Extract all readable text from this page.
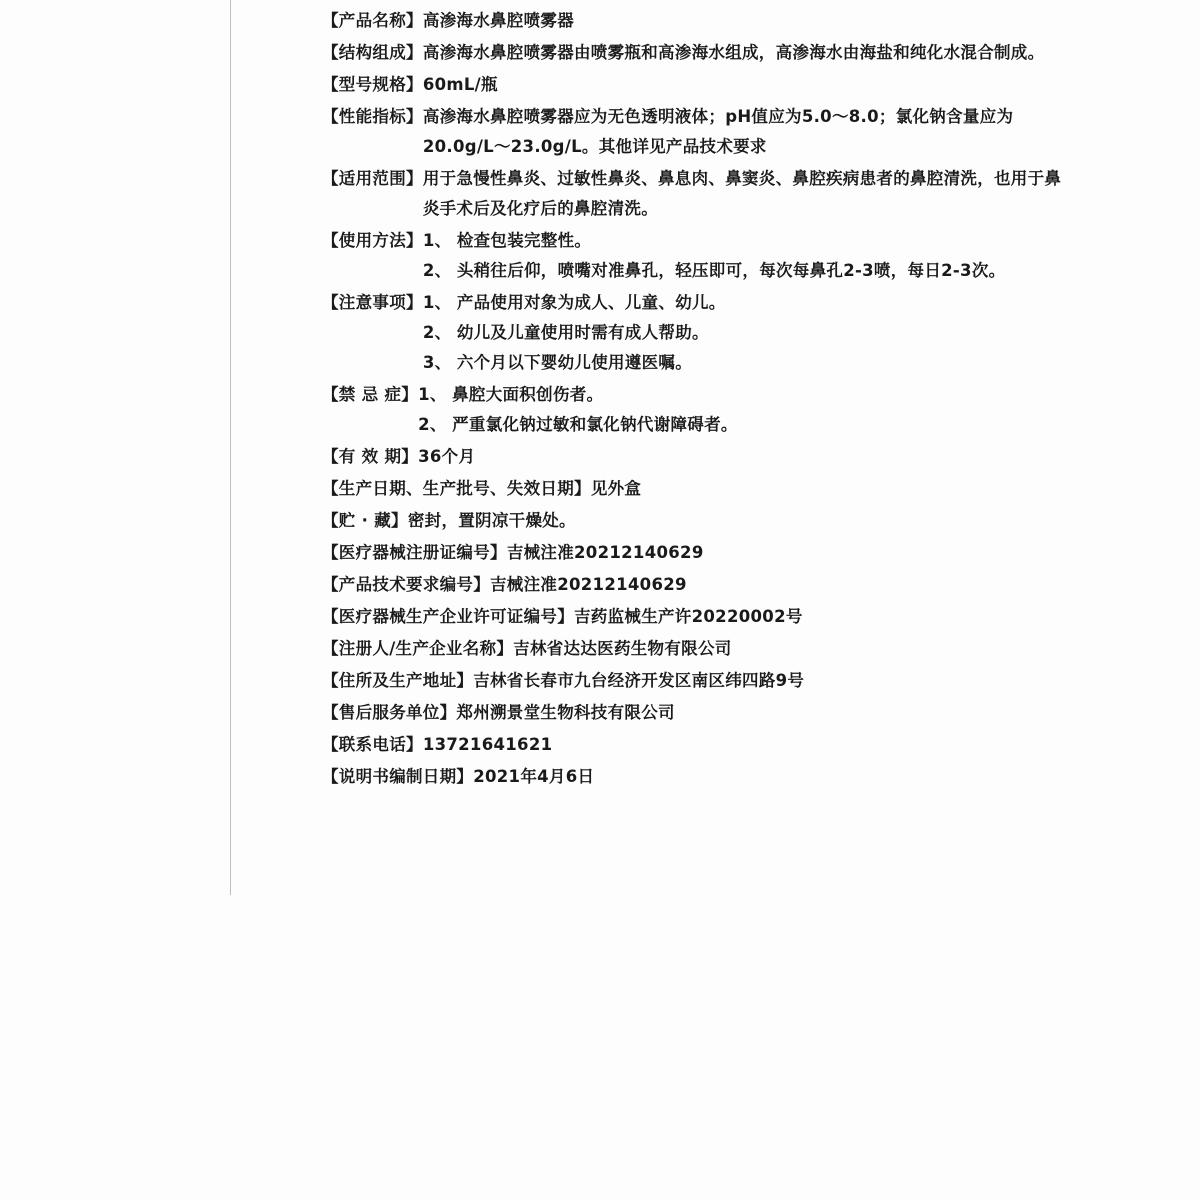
【产品名称】 高渗海水鼻腔喷雾器
【结构组成】 高渗海水鼻腔喷雾器由喷雾瓶和高渗海水组成，高渗海水由海盐和纯化水混合制成。
【型号规格】 60mL/瓶
【性能指标】 高渗海水鼻腔喷雾器应为无色透明液体；pH值应为5.0～8.0；氯化钠含量应为20.0g/L～23.0g/L。其他详见产品技术要求
【适用范围】 用于急慢性鼻炎、过敏性鼻炎、鼻息肉、鼻窦炎、鼻腔疾病患者的鼻腔清洗，也用于鼻炎手术后及化疗后的鼻腔清洗。
【使用方法】 1、 检查包装完整性。
2、 头稍往后仰，喷嘴对准鼻孔，轻压即可，每次每鼻孔2-3喷，每日2-3次。
【注意事项】 1、 产品使用对象为成人、儿童、幼儿。
2、 幼儿及儿童使用时需有成人帮助。
3、 六个月以下婴幼儿使用遵医嘱。
【禁 忌 症】 1、 鼻腔大面积创伤者。
2、 严重氯化钠过敏和氯化钠代谢障碍者。
【有 效 期】 36个月
【生产日期、生产批号、失效日期】 见外盒
【贮 · 藏】 密封，置阴凉干燥处。
【医疗器械注册证编号】 吉械注准20212140629
【产品技术要求编号】 吉械注准20212140629
【医疗器械生产企业许可证编号】 吉药监械生产许20220002号
【注册人/生产企业名称】 吉林省达达医药生物有限公司
【住所及生产地址】 吉林省长春市九台经济开发区南区纬四路9号
【售后服务单位】 郑州溯景堂生物科技有限公司
【联系电话】 13721641621
【说明书编制日期】 2021年4月6日
